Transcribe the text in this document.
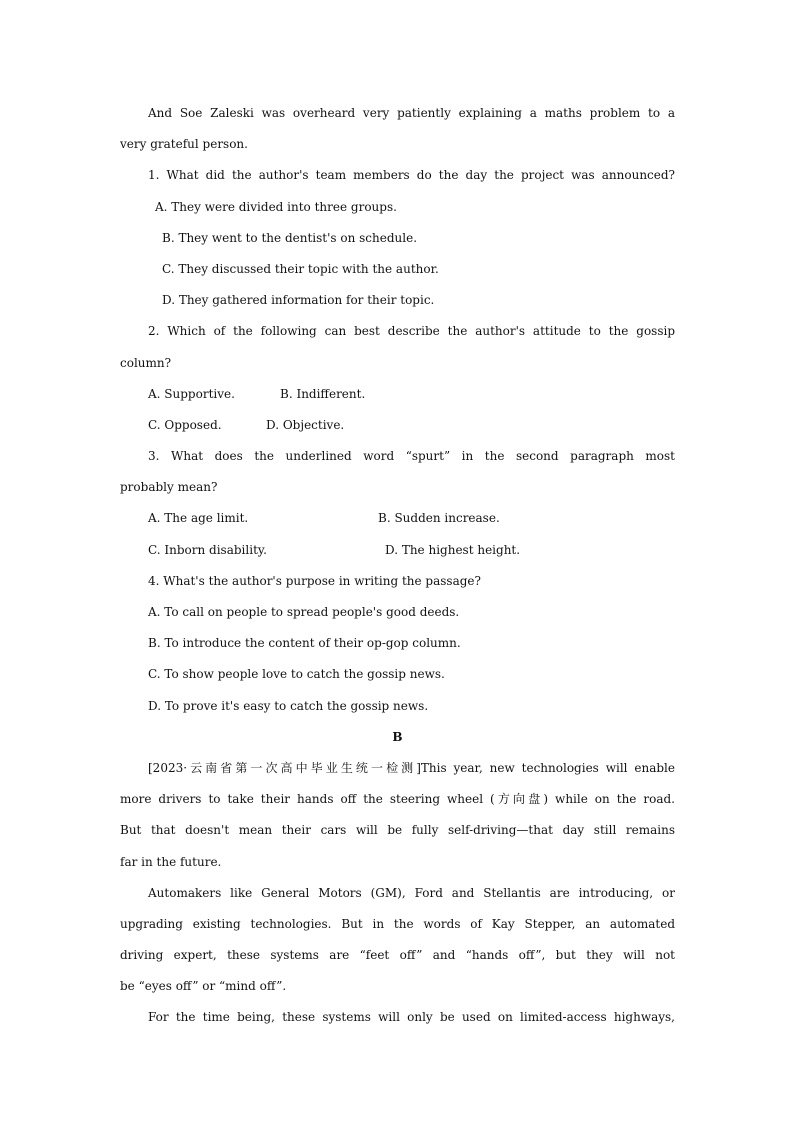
And Soe Zaleski was overheard very patiently explaining a maths problem to a
very grateful person.
1. What did the author's team members do the day the project was announced?
A. They were divided into three groups.
B. They went to the dentist's on schedule.
C. They discussed their topic with the author.
D. They gathered information for their topic.
2. Which of the following can best describe the author's attitude to the gossip
column?
A. Supportive.	B. Indifferent.
C. Opposed.	D. Objective.
3. What does the underlined word “spurt” in the second paragraph most
probably mean?
A. The age limit.	B. Sudden increase.
C. Inborn disability.	D. The highest height.
4. What's the author's purpose in writing the passage?
A. To call on people to spread people's good deeds.
B. To introduce the content of their op-gop column.
C. To show people love to catch the gossip news.
D. To prove it's easy to catch the gossip news.
B
[2023·云南省第一次高中毕业生统一检测]This year, new technologies will enable
more drivers to take their hands off the steering wheel (方向盘) while on the road.
But that doesn't mean their cars will be fully self-driving—that day still remains
far in the future.
Automakers like General Motors (GM), Ford and Stellantis are introducing, or
upgrading existing technologies. But in the words of Kay Stepper, an automated
driving expert, these systems are “feet off” and “hands off”, but they will not
be “eyes off” or “mind off”.
For the time being, these systems will only be used on limited-access highways,
